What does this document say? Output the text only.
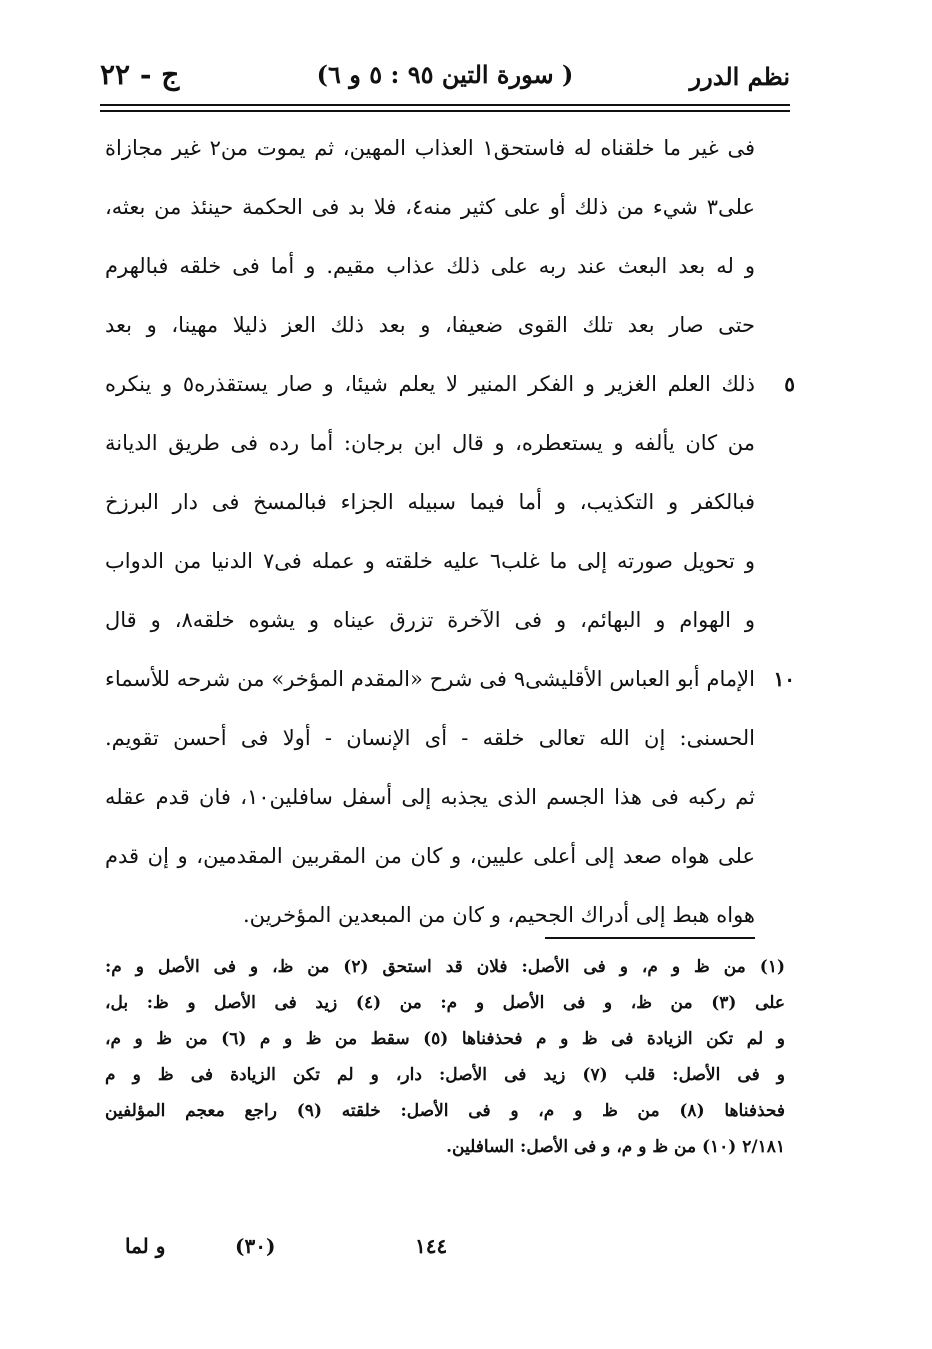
نظم الدرر
( سورة التين ٩٥ : ٥ و ٦)
ج - ٢٢
فى غير ما خلقناه له فاستحق١ العذاب المهين، ثم يموت من٢ غير مجازاة
على٣ شيء من ذلك أو على كثير منه٤، فلا بد فى الحكمة حينئذ من بعثه،
و له بعد البعث عند ربه على ذلك عذاب مقيم. و أما فى خلقه فبالهرم
حتى صار بعد تلك القوى ضعيفا، و بعد ذلك العز ذليلا مهينا، و بعد
٥
ذلك العلم الغزير و الفكر المنير لا يعلم شيئا، و صار يستقذره٥ و ينكره
من كان يألفه و يستعطره، و قال ابن برجان: أما رده فى طريق الديانة
فبالكفر و التكذيب، و أما فيما سبيله الجزاء فبالمسخ فى دار البرزخ
و تحويل صورته إلى ما غلب٦ عليه خلقته و عمله فى٧ الدنيا من الدواب
و الهوام و البهائم، و فى الآخرة تزرق عيناه و يشوه خلقه٨، و قال
١٠
الإمام أبو العباس الأقليشى٩ فى شرح «المقدم المؤخر» من شرحه للأسماء
الحسنى: إن الله تعالى خلقه - أى الإنسان - أولا فى أحسن تقويم.
ثم ركبه فى هذا الجسم الذى يجذبه إلى أسفل سافلين١٠، فان قدم عقله
على هواه صعد إلى أعلى عليين، و كان من المقربين المقدمين، و إن قدم
هواه هبط إلى أدراك الجحيم، و كان من المبعدين المؤخرين.
(١) من ظ و م، و فى الأصل: فلان قد استحق (٢) من ظ، و فى الأصل و م:
على (٣) من ظ، و فى الأصل و م: من (٤) زيد فى الأصل و ظ: بل،
و لم تكن الزيادة فى ظ و م فحذفناها (٥) سقط من ظ و م (٦) من ظ و م،
و فى الأصل: قلب (٧) زيد فى الأصل: دار، و لم تكن الزيادة فى ظ و م
فحذفناها (٨) من ظ و م، و فى الأصل: خلقته (٩) راجع معجم المؤلفين
٢/١٨١ (١٠) من ظ و م، و فى الأصل: السافلين.
و لما	(٣٠)	١٤٤
